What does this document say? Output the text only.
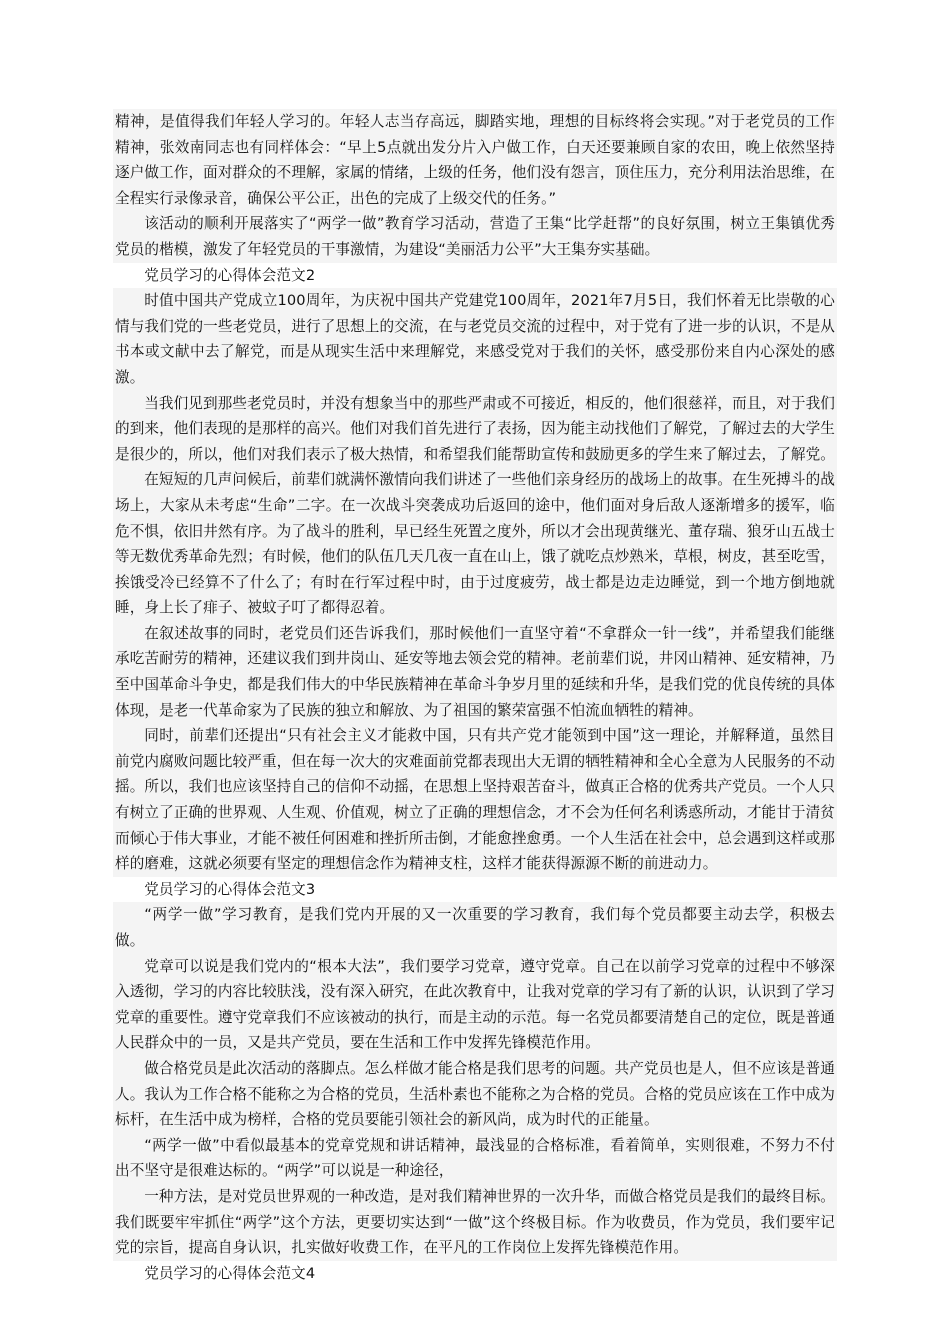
精神，是值得我们年轻人学习的。年轻人志当存高远，脚踏实地，理想的目标终将会实现。”对于老党员的工作精神，张效南同志也有同样体会：“早上5点就出发分片入户做工作，白天还要兼顾自家的农田，晚上依然坚持逐户做工作，面对群众的不理解，家属的情绪，上级的任务，他们没有怨言，顶住压力，充分利用法治思维，在全程实行录像录音，确保公平公正，出色的完成了上级交代的任务。”

该活动的顺利开展落实了“两学一做”教育学习活动，营造了王集“比学赶帮”的良好氛围，树立王集镇优秀党员的楷模，激发了年轻党员的干事激情，为建设“美丽活力公平”大王集夯实基础。

党员学习的心得体会范文2

时值中国共产党成立100周年，为庆祝中国共产党建党100周年，2021年7月5日，我们怀着无比崇敬的心情与我们党的一些老党员，进行了思想上的交流，在与老党员交流的过程中，对于党有了进一步的认识，不是从书本或文献中去了解党，而是从现实生活中来理解党，来感受党对于我们的关怀，感受那份来自内心深处的感激。

当我们见到那些老党员时，并没有想象当中的那些严肃或不可接近，相反的，他们很慈祥，而且，对于我们的到来，他们表现的是那样的高兴。他们对我们首先进行了表扬，因为能主动找他们了解党，了解过去的大学生是很少的，所以，他们对我们表示了极大热情，和希望我们能帮助宣传和鼓励更多的学生来了解过去，了解党。

在短短的几声问候后，前辈们就满怀激情向我们讲述了一些他们亲身经历的战场上的故事。在生死搏斗的战场上，大家从未考虑“生命”二字。在一次战斗突袭成功后返回的途中，他们面对身后敌人逐渐增多的援军，临危不惧，依旧井然有序。为了战斗的胜利，早已经生死置之度外，所以才会出现黄继光、董存瑞、狼牙山五战士等无数优秀革命先烈；有时候，他们的队伍几天几夜一直在山上，饿了就吃点炒熟米，草根，树皮，甚至吃雪，挨饿受冷已经算不了什么了；有时在行军过程中时，由于过度疲劳，战士都是边走边睡觉，到一个地方倒地就睡，身上长了痱子、被蚊子叮了都得忍着。

在叙述故事的同时，老党员们还告诉我们，那时候他们一直坚守着“不拿群众一针一线”，并希望我们能继承吃苦耐劳的精神，还建议我们到井岗山、延安等地去领会党的精神。老前辈们说，井冈山精神、延安精神，乃至中国革命斗争史，都是我们伟大的中华民族精神在革命斗争岁月里的延续和升华，是我们党的优良传统的具体体现，是老一代革命家为了民族的独立和解放、为了祖国的繁荣富强不怕流血牺牲的精神。

同时，前辈们还提出“只有社会主义才能救中国，只有共产党才能领到中国”这一理论，并解释道，虽然目前党内腐败问题比较严重，但在每一次大的灾难面前党都表现出大无谓的牺牲精神和全心全意为人民服务的不动摇。所以，我们也应该坚持自己的信仰不动摇，在思想上坚持艰苦奋斗，做真正合格的优秀共产党员。一个人只有树立了正确的世界观、人生观、价值观，树立了正确的理想信念，才不会为任何名利诱惑所动，才能甘于清贫而倾心于伟大事业，才能不被任何困难和挫折所击倒，才能愈挫愈勇。一个人生活在社会中，总会遇到这样或那样的磨难，这就必须要有坚定的理想信念作为精神支柱，这样才能获得源源不断的前进动力。

党员学习的心得体会范文3

“两学一做”学习教育，是我们党内开展的又一次重要的学习教育，我们每个党员都要主动去学，积极去做。

党章可以说是我们党内的“根本大法”，我们要学习党章，遵守党章。自己在以前学习党章的过程中不够深入透彻，学习的内容比较肤浅，没有深入研究，在此次教育中，让我对党章的学习有了新的认识，认识到了学习党章的重要性。遵守党章我们不应该被动的执行，而是主动的示范。每一名党员都要清楚自己的定位，既是普通人民群众中的一员，又是共产党员，要在生活和工作中发挥先锋模范作用。

做合格党员是此次活动的落脚点。怎么样做才能合格是我们思考的问题。共产党员也是人，但不应该是普通人。我认为工作合格不能称之为合格的党员，生活朴素也不能称之为合格的党员。合格的党员应该在工作中成为标杆，在生活中成为榜样，合格的党员要能引领社会的新风尚，成为时代的正能量。

“两学一做”中看似最基本的党章党规和讲话精神，最浅显的合格标准，看着简单，实则很难，不努力不付出不坚守是很难达标的。“两学”可以说是一种途径，

一种方法，是对党员世界观的一种改造，是对我们精神世界的一次升华，而做合格党员是我们的最终目标。我们既要牢牢抓住“两学”这个方法，更要切实达到“一做”这个终极目标。作为收费员，作为党员，我们要牢记党的宗旨，提高自身认识，扎实做好收费工作，在平凡的工作岗位上发挥先锋模范作用。

党员学习的心得体会范文4
